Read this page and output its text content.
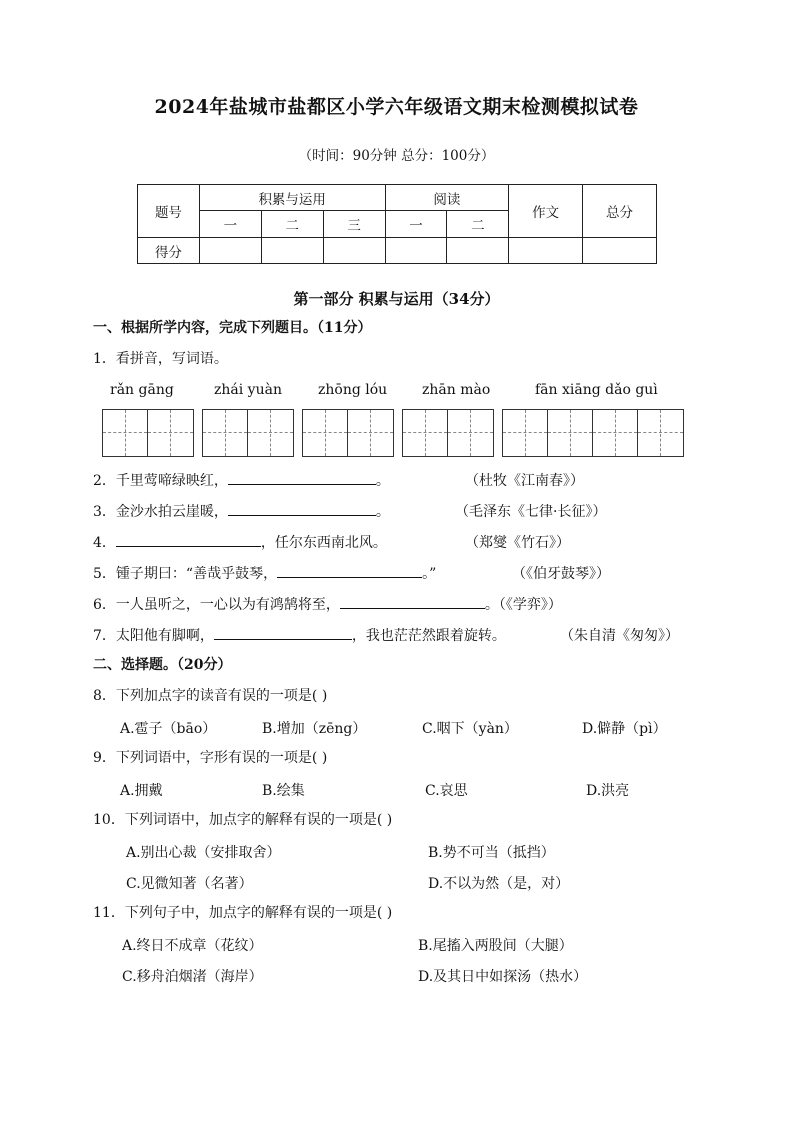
2024年盐城市盐都区小学六年级语文期末检测模拟试卷
（时间：90分钟 总分：100分）
题号	积累与运用			阅读		作文	总分
	一	二	三	一	二		
得分							
第一部分 积累与运用（34分）
一、根据所学内容，完成下列题目。（11分）
1．看拼音，写词语。
rǎn gāng	zhái yuàn	zhōng lóu zhān mào	fān xiāng dǎo guì
2．千里莺啼绿映红，	。	（杜牧《江南春》）
3．金沙水拍云崖暖，	。	（毛泽东《七律·长征》）
4．	，任尔东西南北风。	（郑燮《竹石》）
5．锺子期曰：“善哉乎鼓琴，	。”	（《伯牙鼓琴》）
6．一人虽听之，一心以为有鸿鹄将至，	。（《学弈》）
7．太阳他有脚啊，	，我也茫茫然跟着旋转。	（朱自清《匆匆》）
二、选择题。（20分）
8．下列加点字的读音有误的一项是( )
A.雹子（bāo）	B.增加（zēng）	C.咽下（yàn）	D.僻静（pì）
9．下列词语中，字形有误的一项是( )
A.拥戴	B.绘集	C.哀思	D.洪亮
10．下列词语中，加点字的解释有误的一项是( )
A.别出心裁（安排取舍）	B.势不可当（抵挡）
C.见微知著（名著）	D.不以为然（是，对）
11．下列句子中，加点字的解释有误的一项是( )
A.终日不成章（花纹）	B.尾搐入两股间（大腿）
C.移舟泊烟渚（海岸）	D.及其日中如探汤（热水）
